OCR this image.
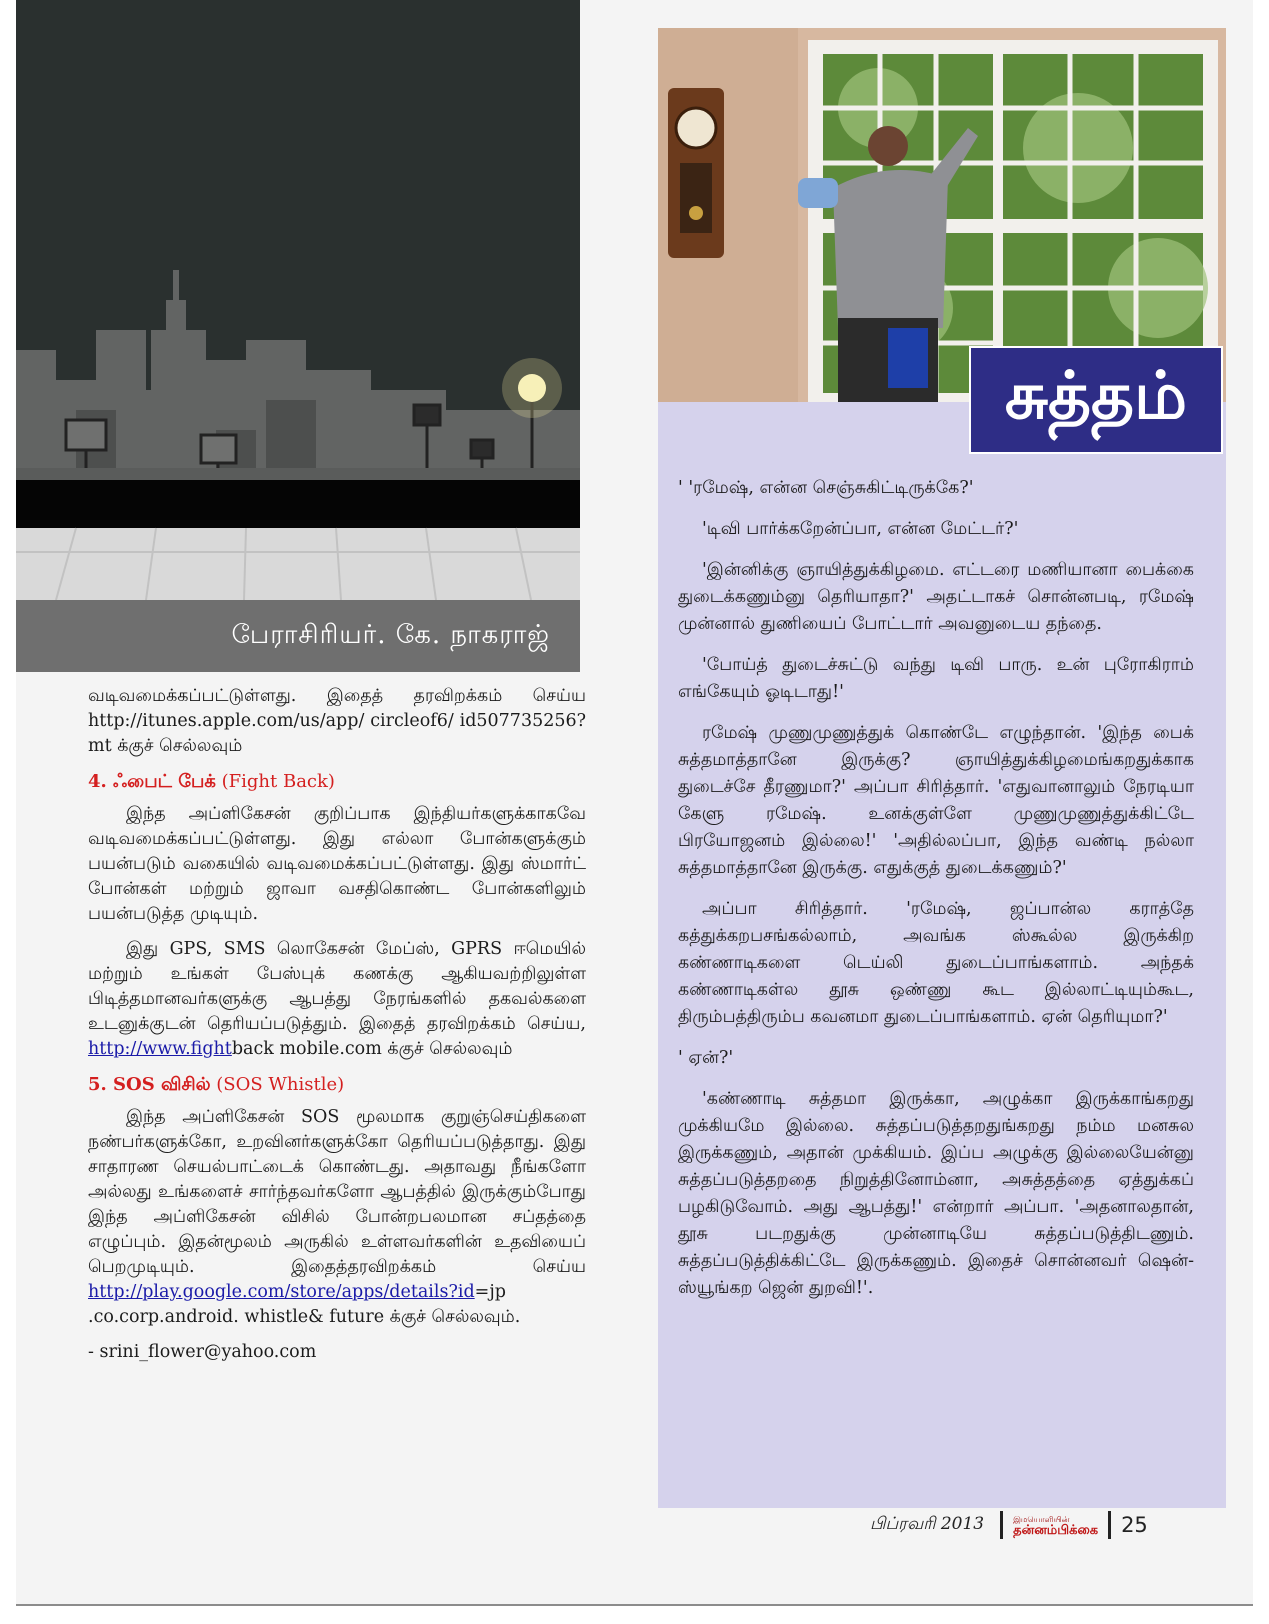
பேராசிரியர். கே. நாகராஜ்

வடிவமைக்கப்பட்டுள்ளது. இதைத் தரவிறக்கம் செய்ய http://itunes.apple.com/us/app/ circleof6/ id507735256?mt க்குச் செல்லவும்

4. ஃபைட் பேக் (Fight Back)

இந்த அப்ளிகேசன் குறிப்பாக இந்தியர்களுக்காகவே வடிவமைக்கப்பட்டுள்ளது. இது எல்லா போன்களுக்கும் பயன்படும் வகையில் வடிவமைக்கப்பட்டுள்ளது. இது ஸ்மார்ட் போன்கள் மற்றும் ஜாவா வசதிகொண்ட போன்களிலும் பயன்படுத்த முடியும்.

இது GPS, SMS லொகேசன் மேப்ஸ், GPRS ஈமெயில் மற்றும் உங்கள் பேஸ்புக் கணக்கு ஆகியவற்றிலுள்ள பிடித்தமானவர்களுக்கு ஆபத்து நேரங்களில் தகவல்களை உடனுக்குடன் தெரியப்படுத்தும். இதைத் தரவிறக்கம் செய்ய, http://www.fightback mobile.com க்குச் செல்லவும்

5. SOS விசில் (SOS Whistle)

இந்த அப்ளிகேசன் SOS மூலமாக குறுஞ்செய்திகளை நண்பர்களுக்கோ, உறவினர்களுக்கோ தெரியப்படுத்தாது. இது சாதாரண செயல்பாட்டைக் கொண்டது. அதாவது நீங்களோ அல்லது உங்களைச் சார்ந்தவர்களோ ஆபத்தில் இருக்கும்போது இந்த அப்ளிகேசன் விசில் போன்றபலமான சப்தத்தை எழுப்பும். இதன்மூலம் அருகில் உள்ளவர்களின் உதவியைப் பெறமுடியும். இதைத்தரவிறக்கம் செய்ய http://play.google.com/store/apps/details?id=jp .co.corp.android. whistle& future க்குச் செல்லவும்.

- srini_flower@yahoo.com

சுத்தம்

' 'ரமேஷ், என்ன செஞ்சுகிட்டிருக்கே?'

'டிவி பார்க்கறேன்ப்பா, என்ன மேட்டர்?'

'இன்னிக்கு ஞாயித்துக்கிழமை. எட்டரை மணியானா பைக்கை துடைக்கணும்னு தெரியாதா?' அதட்டாகச் சொன்னபடி, ரமேஷ் முன்னால் துணியைப் போட்டார் அவனுடைய தந்தை.

'போய்த் துடைச்சுட்டு வந்து டிவி பாரு. உன் புரோகிராம் எங்கேயும் ஓடிடாது!'

ரமேஷ் முணுமுணுத்துக் கொண்டே எழுந்தான். 'இந்த பைக் சுத்தமாத்தானே இருக்கு? ஞாயித்துக்கிழமைங்கறதுக்காக துடைச்சே தீரணுமா?' அப்பா சிரித்தார். 'எதுவானாலும் நேரடியா கேளு ரமேஷ். உனக்குள்ளே முணுமுணுத்துக்கிட்டே பிரயோஜனம் இல்லை!' 'அதில்லப்பா, இந்த வண்டி நல்லா சுத்தமாத்தானே இருக்கு. எதுக்குத் துடைக்கணும்?'

அப்பா சிரித்தார். 'ரமேஷ், ஜப்பான்ல கராத்தே கத்துக்கறபசங்கல்லாம், அவங்க ஸ்கூல்ல இருக்கிற கண்ணாடிகளை டெய்லி துடைப்பாங்களாம். அந்தக் கண்ணாடிகள்ல தூசு ஒண்ணு கூட இல்லாட்டியும்கூட, திரும்பத்திரும்ப கவனமா துடைப்பாங்களாம். ஏன் தெரியுமா?'

' ஏன்?'

'கண்ணாடி சுத்தமா இருக்கா, அழுக்கா இருக்காங்கறது முக்கியமே இல்லை. சுத்தப்படுத்தறதுங்கறது நம்ம மனசுல இருக்கணும், அதான் முக்கியம். இப்ப அழுக்கு இல்லையேன்னு சுத்தப்படுத்தறதை நிறுத்தினோம்னா, அசுத்தத்தை ஏத்துக்கப் பழகிடுவோம். அது ஆபத்து!' என்றார் அப்பா. 'அதனாலதான், தூசு படறதுக்கு முன்னாடியே சுத்தப்படுத்திடணும். சுத்தப்படுத்திக்கிட்டே இருக்கணும். இதைச் சொன்னவர் ஷென்-ஸ்யூங்கற ஜென் துறவி!'.

பிப்ரவரி 2013	இமயொளியின்
தன்னம்பிக்கை 25
